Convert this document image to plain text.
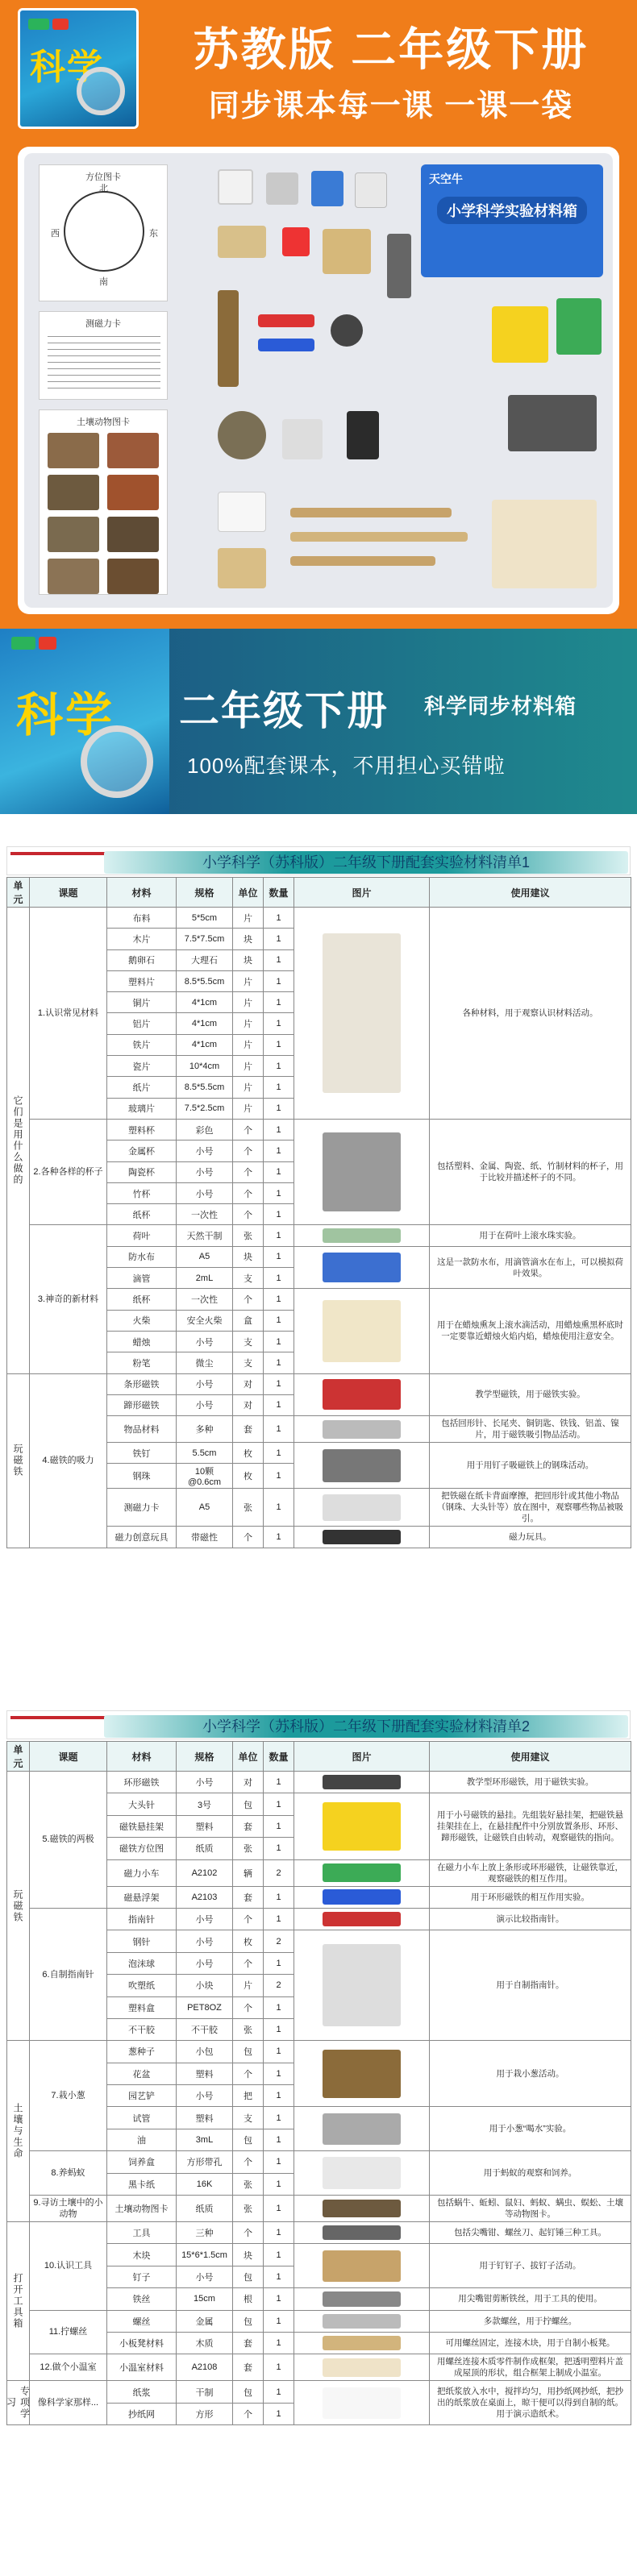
科学	苏教版 二年级下册
同步课本每一课 一课一袋
方位图卡
北
南
东
西
测磁力卡
土壤动物图卡
天空牛
小学科学实验材料箱
科学 二年级下册 科学同步材料箱
100%配套课本，不用担心买错啦
小学科学（苏科版）二年级下册配套实验材料清单1
单元	课题	材料	规格	单位	数量	图片	使用建议
它们是用什么做的	1.认识常见材料	布料	5*5cm	片	1		各种材料，用于观察认识材料活动。
		木片	7.5*7.5cm	块	1		
		鹅卵石	大理石	块	1		
		塑料片	8.5*5.5cm	片	1		
		铜片	4*1cm	片	1		
		铝片	4*1cm	片	1		
		铁片	4*1cm	片	1		
		瓷片	10*4cm	片	1		
		纸片	8.5*5.5cm	片	1		
		玻璃片	7.5*2.5cm	片	1		
	2.各种各样的杯子	塑料杯	彩色	个	1		包括塑料、金属、陶瓷、纸、竹制材料的杯子，用于比较并描述杯子的不同。
		金属杯	小号	个	1		
		陶瓷杯	小号	个	1		
		竹杯	小号	个	1		
		纸杯	一次性	个	1		
	3.神奇的新材料	荷叶	天然干制	张	1		用于在荷叶上滚水珠实验。
		防水布	A5	块	1		这是一款防水布，用滴管滴水在布上，可以模拟荷叶效果。
		滴管	2mL	支	1		
		纸杯	一次性	个	1		用于在蜡烛熏灰上滚水滴活动，用蜡烛熏黑杯底时一定要靠近蜡烛火焰内焰，蜡烛使用注意安全。
		火柴	安全火柴	盒	1		
		蜡烛	小号	支	1		
		粉笔	微尘	支	1		
玩磁铁	4.磁铁的吸力	条形磁铁	小号	对	1		教学型磁铁，用于磁铁实验。
		蹄形磁铁	小号	对	1		
		物品材料	多种	套	1		包括回形针、长尾夹、铜钥匙、铁钱、铝盖、镍片，用于磁铁吸引物品活动。
		铁钉	5.5cm	枚	1		用于用钉子吸磁铁上的钢珠活动。
		钢珠	10颗 @0.6cm	枚	1		
		测磁力卡	A5	张	1		把铁磁在纸卡背面摩擦，把回形针或其他小物品（钢珠、大头针等）放在图中，观察哪些物品被吸引。
		磁力创意玩具	带磁性	个	1		磁力玩具。
小学科学（苏科版）二年级下册配套实验材料清单2
单元	课题	材料	规格	单位	数量	图片	使用建议
玩磁铁	5.磁铁的两极	环形磁铁	小号	对	1		教学型环形磁铁，用于磁铁实验。
		大头针	3号	包	1		用于小号磁铁的悬挂。先组装好悬挂架，把磁铁悬挂架挂在上，在悬挂配件中分别放置条形、环形、蹄形磁铁，让磁铁自由转动，观察磁铁的指向。
		磁铁悬挂架	塑料	套	1		
		磁铁方位图	纸质	张	1		
		磁力小车	A2102	辆	2		在磁力小车上放上条形或环形磁铁，让磁铁靠近，观察磁铁的相互作用。
		磁悬浮架	A2103	套	1		用于环形磁铁的相互作用实验。
	6.自制指南针	指南针	小号	个	1		演示比较指南针。
		钢针	小号	枚	2		用于自制指南针。
		泡沫球	小号	个	1		
		吹塑纸	小块	片	2		
		塑料盒	PET8OZ	个	1		
		不干胶	不干胶	张	1		
土壤与生命	7.栽小葱	葱种子	小包	包	1		用于栽小葱活动。
		花盆	塑料	个	1		
		园艺铲	小号	把	1		
		试管	塑料	支	1		用于小葱“喝水”实验。
		油	3mL	包	1		
	8.养蚂蚁	饲养盒	方形带孔	个	1		用于蚂蚁的观察和饲养。
		黑卡纸	16K	张	1		
	9.寻访土壤中的小动物	土壤动物图卡	纸质	张	1		包括蜗牛、蚯蚓、鼠妇、蚂蚁、螨虫、蜈蚣、土壤等动物图卡。
打开工具箱	10.认识工具	工具	三种	个	1		包括尖嘴钳、螺丝刀、起钉锤三种工具。
		木块	15*6*1.5cm	块	1		用于钉钉子、拔钉子活动。
		钉子	小号	包	1		
		铁丝	15cm	根	1		用尖嘴钳剪断铁丝，用于工具的使用。
	11.拧螺丝	螺丝	金属	包	1		多款螺丝，用于拧螺丝。
		小板凳材料	木质	套	1		可用螺丝固定，连接木块，用于自制小板凳。
	12.做个小温室	小温室材料	A2108	套	1		用螺丝连接木质零件制作成框架，把透明塑料片盖成屋顶的形状，组合框架上制成小温室。
专项学习	像科学家那样...	纸浆	干制	包	1		把纸浆放入水中，搅拌均匀，用抄纸网抄纸，把抄出的纸浆放在桌面上，晾干便可以得到自制的纸。用于演示造纸术。
		抄纸网	方形	个	1		
